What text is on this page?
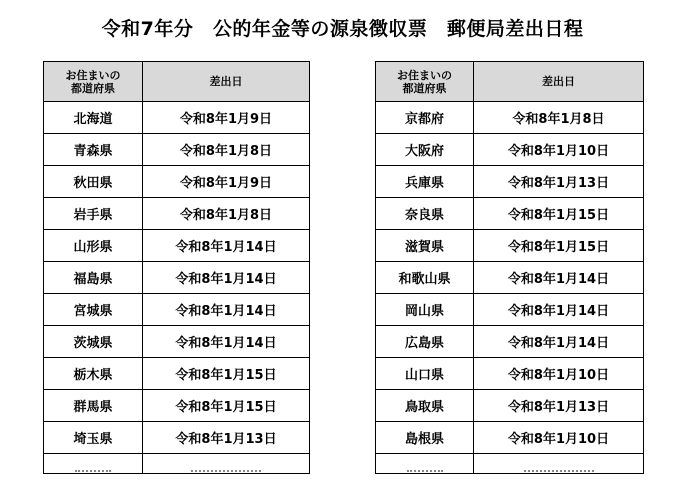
令和7年分　公的年金等の源泉徴収票　郵便局差出日程
お住まいの
都道府県	差出日
北海道	令和8年1月9日
青森県	令和8年1月8日
秋田県	令和8年1月9日
岩手県	令和8年1月8日
山形県	令和8年1月14日
福島県	令和8年1月14日
宮城県	令和8年1月14日
茨城県	令和8年1月14日
栃木県	令和8年1月15日
群馬県	令和8年1月15日
埼玉県	令和8年1月13日

お住まいの
都道府県	差出日
京都府	令和8年1月8日
大阪府	令和8年1月10日
兵庫県	令和8年1月13日
奈良県	令和8年1月15日
滋賀県	令和8年1月15日
和歌山県	令和8年1月14日
岡山県	令和8年1月14日
広島県	令和8年1月14日
山口県	令和8年1月10日
鳥取県	令和8年1月13日
島根県	令和8年1月10日
